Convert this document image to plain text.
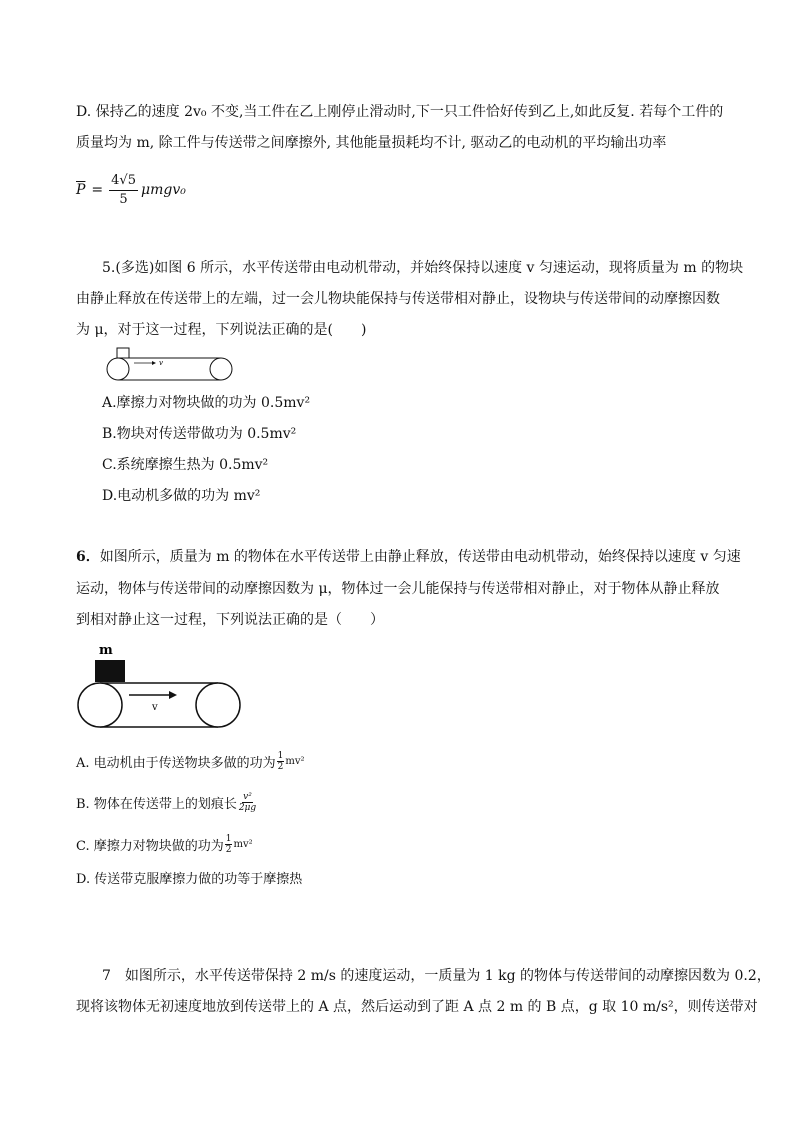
D. 保持乙的速度 2v₀ 不变,当工件在乙上刚停止滑动时,下一只工件恰好传到乙上,如此反复. 若每个工件的
质量均为 m, 除工件与传送带之间摩擦外, 其他能量损耗均不计, 驱动乙的电动机的平均输出功率
$\overline{P} = \frac{4√5}{5} \mu mgv_0$
5.(多选)如图 6 所示，水平传送带由电动机带动，并始终保持以速度 v 匀速运动，现将质量为 m 的物块
由静止释放在传送带上的左端，过一会儿物块能保持与传送带相对静止，设物块与传送带间的动摩擦因数
为 μ，对于这一过程，下列说法正确的是(　　)
v
A.摩擦力对物块做的功为 0.5mv²
B.物块对传送带做功为 0.5mv²
C.系统摩擦生热为 0.5mv²
D.电动机多做的功为 mv²
6．如图所示，质量为 m 的物体在水平传送带上由静止释放，传送带由电动机带动，始终保持以速度 v 匀速
运动，物体与传送带间的动摩擦因数为 μ，物体过一会儿能保持与传送带相对静止，对于物体从静止释放
到相对静止这一过程，下列说法正确的是（　　）
m
v
A. 电动机由于传送物块多做的功为 $\frac{1}{2} mv^2$
B. 物体在传送带上的划痕长 $\frac{\text{v²}}{2\mu g}$
C. 摩擦力对物块做的功为 $\frac{1}{2} mv^2$
D. 传送带克服摩擦力做的功等于摩擦热
7　如图所示，水平传送带保持 2 m/s 的速度运动，一质量为 1 kg 的物体与传送带间的动摩擦因数为 0.2，
现将该物体无初速度地放到传送带上的 A 点，然后运动到了距 A 点 2 m 的 B 点，g 取 10 m/s²，则传送带对
